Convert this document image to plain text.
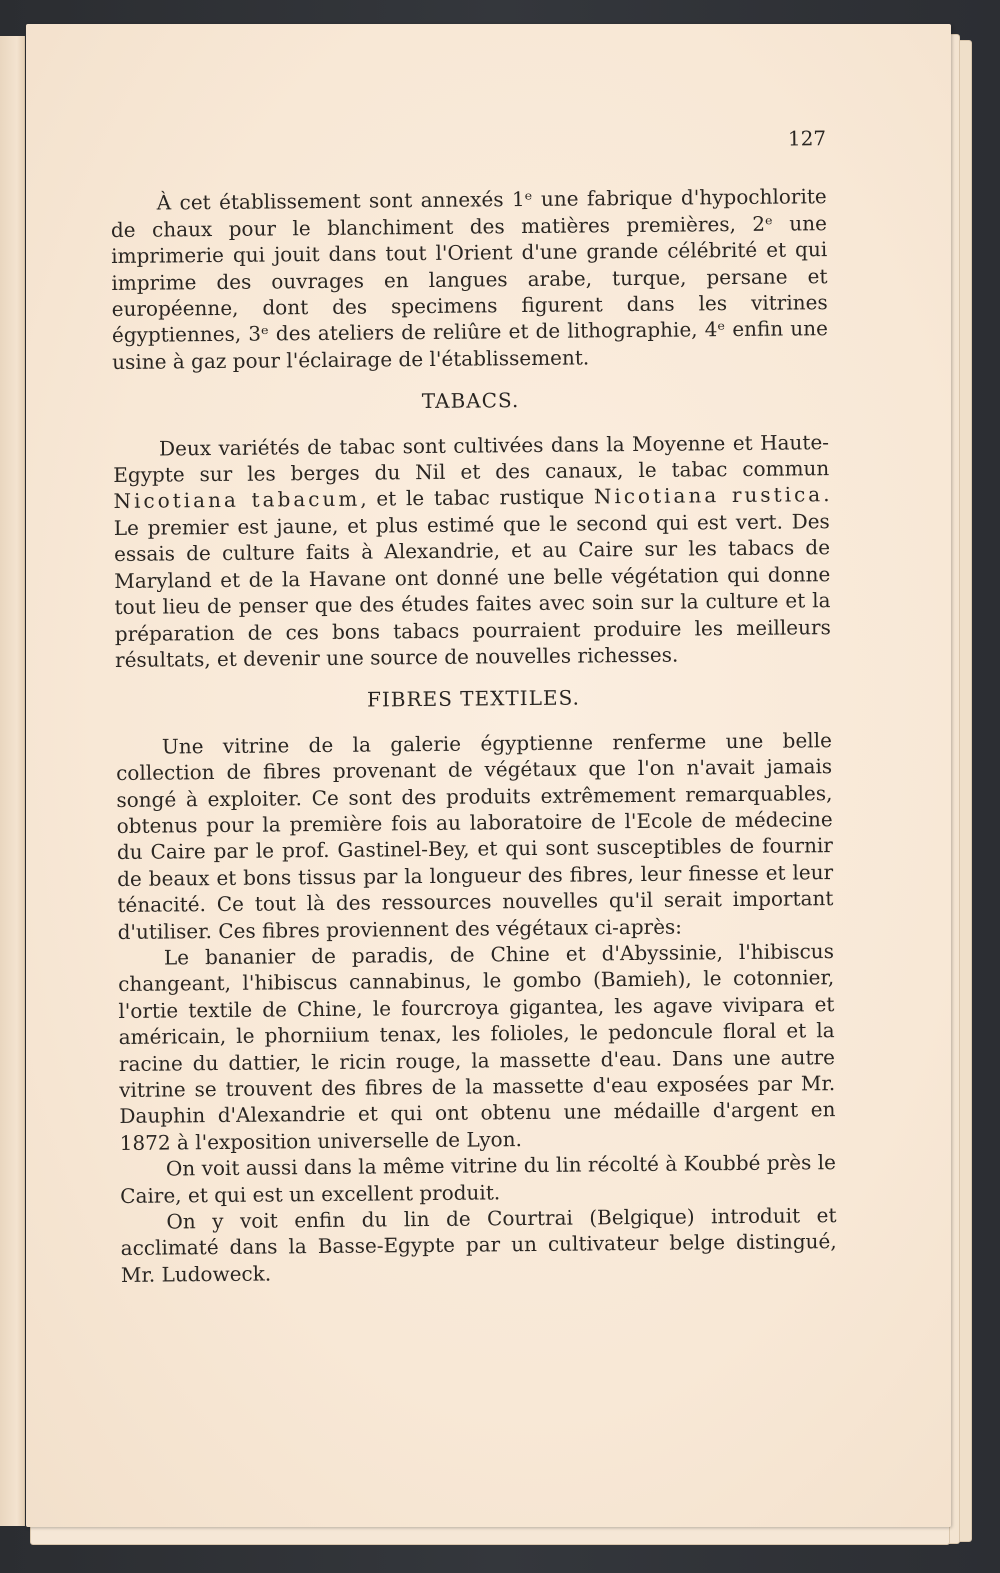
127

À cet établissement sont annexés 1ᵉ une fabrique d'hypochlorite de chaux pour le blanchiment des matières premières, 2ᵉ une imprimerie qui jouit dans tout l'Orient d'une grande célébrité et qui imprime des ouvrages en langues arabe, turque, persane et européenne, dont des specimens figurent dans les vitrines égyptiennes, 3ᵉ des ateliers de reliûre et de lithographie, 4ᵉ enfin une usine à gaz pour l'éclairage de l'établissement.

TABACS.

Deux variétés de tabac sont cultivées dans la Moyenne et Haute-Egypte sur les berges du Nil et des canaux, le tabac commun Nicotiana tabacum, et le tabac rustique Nicotiana rustica. Le premier est jaune, et plus estimé que le second qui est vert. Des essais de culture faits à Alexandrie, et au Caire sur les tabacs de Maryland et de la Havane ont donné une belle végétation qui donne tout lieu de penser que des études faites avec soin sur la culture et la préparation de ces bons tabacs pourraient produire les meilleurs résultats, et devenir une source de nouvelles richesses.

FIBRES TEXTILES.

Une vitrine de la galerie égyptienne renferme une belle collection de fibres provenant de végétaux que l'on n'avait jamais songé à exploiter. Ce sont des produits extrêmement remarquables, obtenus pour la première fois au laboratoire de l'Ecole de médecine du Caire par le prof. Gastinel-Bey, et qui sont susceptibles de fournir de beaux et bons tissus par la longueur des fibres, leur finesse et leur ténacité. Ce tout là des ressources nouvelles qu'il serait important d'utiliser. Ces fibres proviennent des végétaux ci-après:

Le bananier de paradis, de Chine et d'Abyssinie, l'hibiscus changeant, l'hibiscus cannabinus, le gombo (Bamieh), le cotonnier, l'ortie textile de Chine, le fourcroya gigantea, les agave vivipara et américain, le phorniium tenax, les folioles, le pedoncule floral et la racine du dattier, le ricin rouge, la massette d'eau. Dans une autre vitrine se trouvent des fibres de la massette d'eau exposées par Mr. Dauphin d'Alexandrie et qui ont obtenu une médaille d'argent en 1872 à l'exposition universelle de Lyon.

On voit aussi dans la même vitrine du lin récolté à Koubbé près le Caire, et qui est un excellent produit.

On y voit enfin du lin de Courtrai (Belgique) introduit et acclimaté dans la Basse-Egypte par un cultivateur belge distingué, Mr. Ludoweck.
